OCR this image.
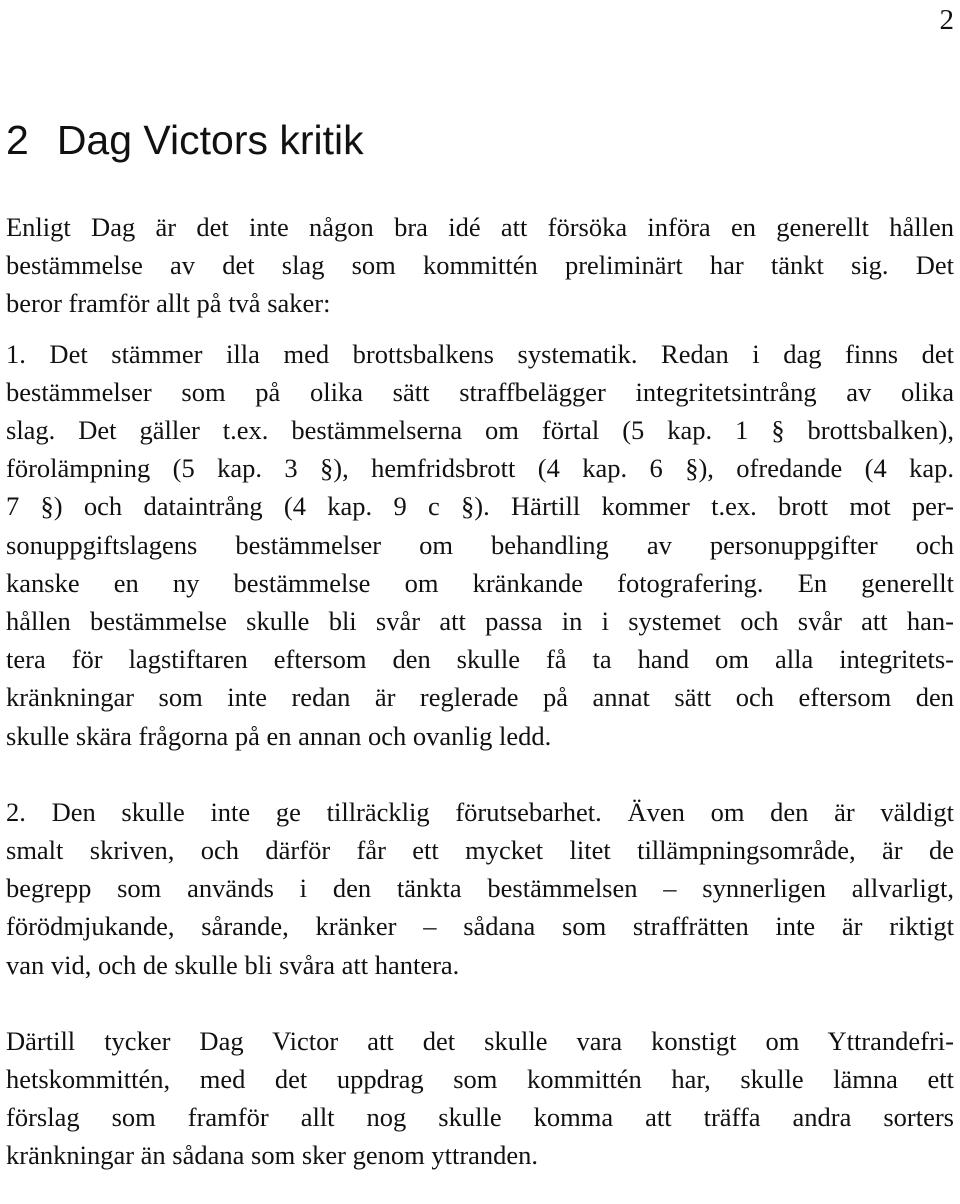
2
2 Dag Victors kritik

Enligt Dag är det inte någon bra idé att försöka införa en generellt hållen
bestämmelse av det slag som kommittén preliminärt har tänkt sig. Det
beror framför allt på två saker:

1. Det stämmer illa med brottsbalkens systematik. Redan i dag finns det
bestämmelser som på olika sätt straffbelägger integritetsintrång av olika
slag. Det gäller t.ex. bestämmelserna om förtal (5 kap. 1 § brottsbalken),
förolämpning (5 kap. 3 §), hemfridsbrott (4 kap. 6 §), ofredande (4 kap.
7 §) och dataintrång (4 kap. 9 c §). Härtill kommer t.ex. brott mot per-
sonuppgiftslagens bestämmelser om behandling av personuppgifter och
kanske en ny bestämmelse om kränkande fotografering. En generellt
hållen bestämmelse skulle bli svår att passa in i systemet och svår att han-
tera för lagstiftaren eftersom den skulle få ta hand om alla integritets-
kränkningar som inte redan är reglerade på annat sätt och eftersom den
skulle skära frågorna på en annan och ovanlig ledd.

2. Den skulle inte ge tillräcklig förutsebarhet. Även om den är väldigt
smalt skriven, och därför får ett mycket litet tillämpningsområde, är de
begrepp som används i den tänkta bestämmelsen – synnerligen allvarligt,
förödmjukande, sårande, kränker – sådana som straffrätten inte är riktigt
van vid, och de skulle bli svåra att hantera.

Därtill tycker Dag Victor att det skulle vara konstigt om Yttrandefri-
hetskommittén, med det uppdrag som kommittén har, skulle lämna ett
förslag som framför allt nog skulle komma att träffa andra sorters
kränkningar än sådana som sker genom yttranden.
